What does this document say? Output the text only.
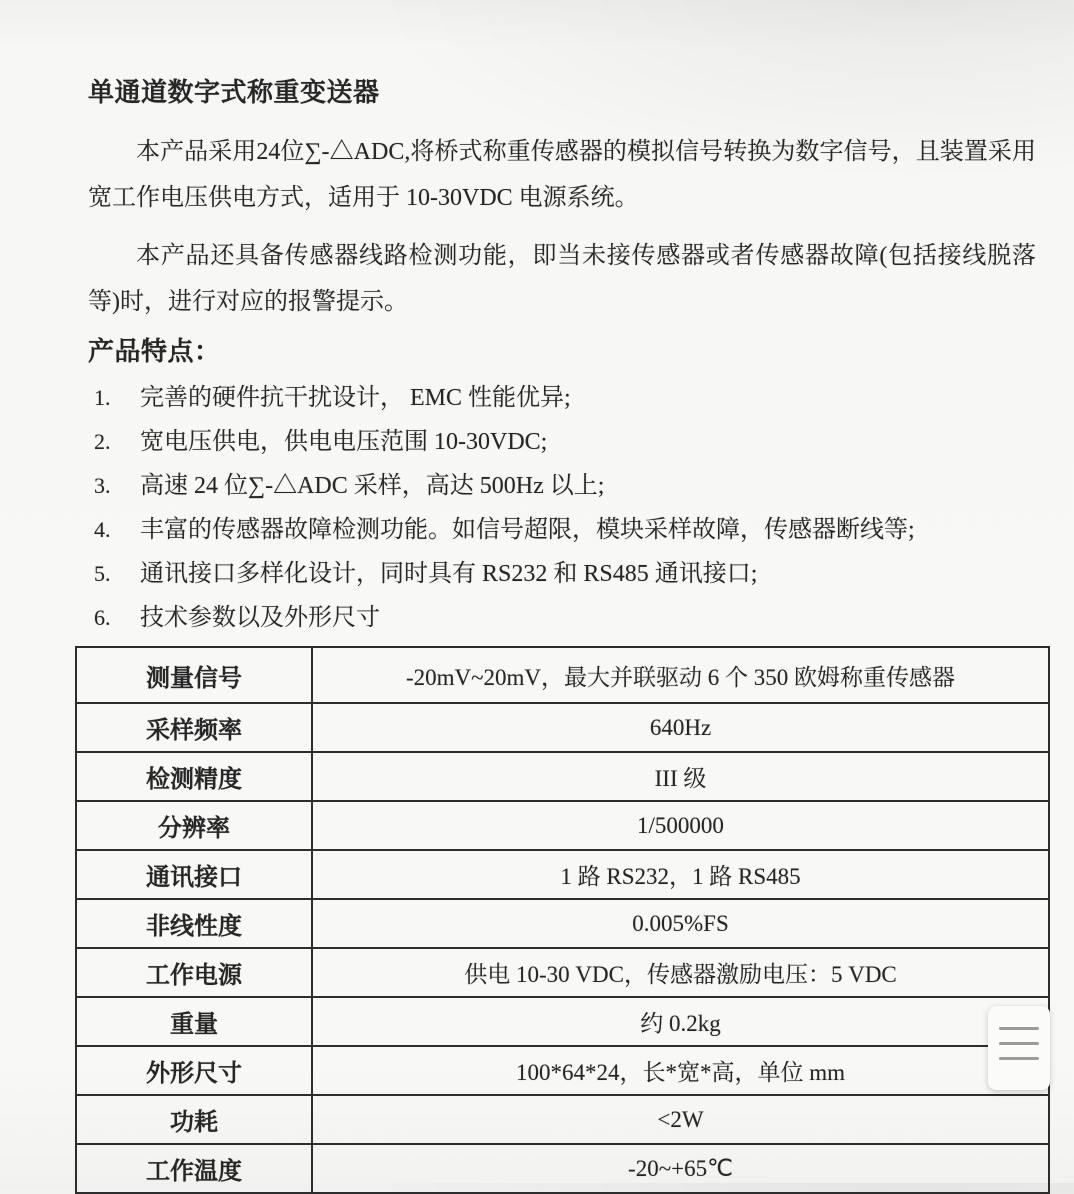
单通道数字式称重变送器

本产品采用24位∑-△ADC,将桥式称重传感器的模拟信号转换为数字信号，且装置采用宽工作电压供电方式，适用于 10-30VDC 电源系统。

本产品还具备传感器线路检测功能，即当未接传感器或者传感器故障(包括接线脱落等)时，进行对应的报警提示。

产品特点：
1.	完善的硬件抗干扰设计， EMC 性能优异;
2.	宽电压供电，供电电压范围 10-30VDC;
3.	高速 24 位∑-△ADC 采样，高达 500Hz 以上;
4.	丰富的传感器故障检测功能。如信号超限，模块采样故障，传感器断线等;
5.	通讯接口多样化设计，同时具有 RS232 和 RS485 通讯接口;
6.	技术参数以及外形尺寸
测量信号	-20mV~20mV，最大并联驱动 6 个 350 欧姆称重传感器
采样频率	640Hz
检测精度	III 级
分辨率	1/500000
通讯接口	1 路 RS232，1 路 RS485
非线性度	0.005%FS
工作电源	供电 10-30 VDC，传感器激励电压：5 VDC
重量	约 0.2kg
外形尺寸	100*64*24，长*宽*高，单位 mm
功耗	<2W
工作温度	-20~+65℃
